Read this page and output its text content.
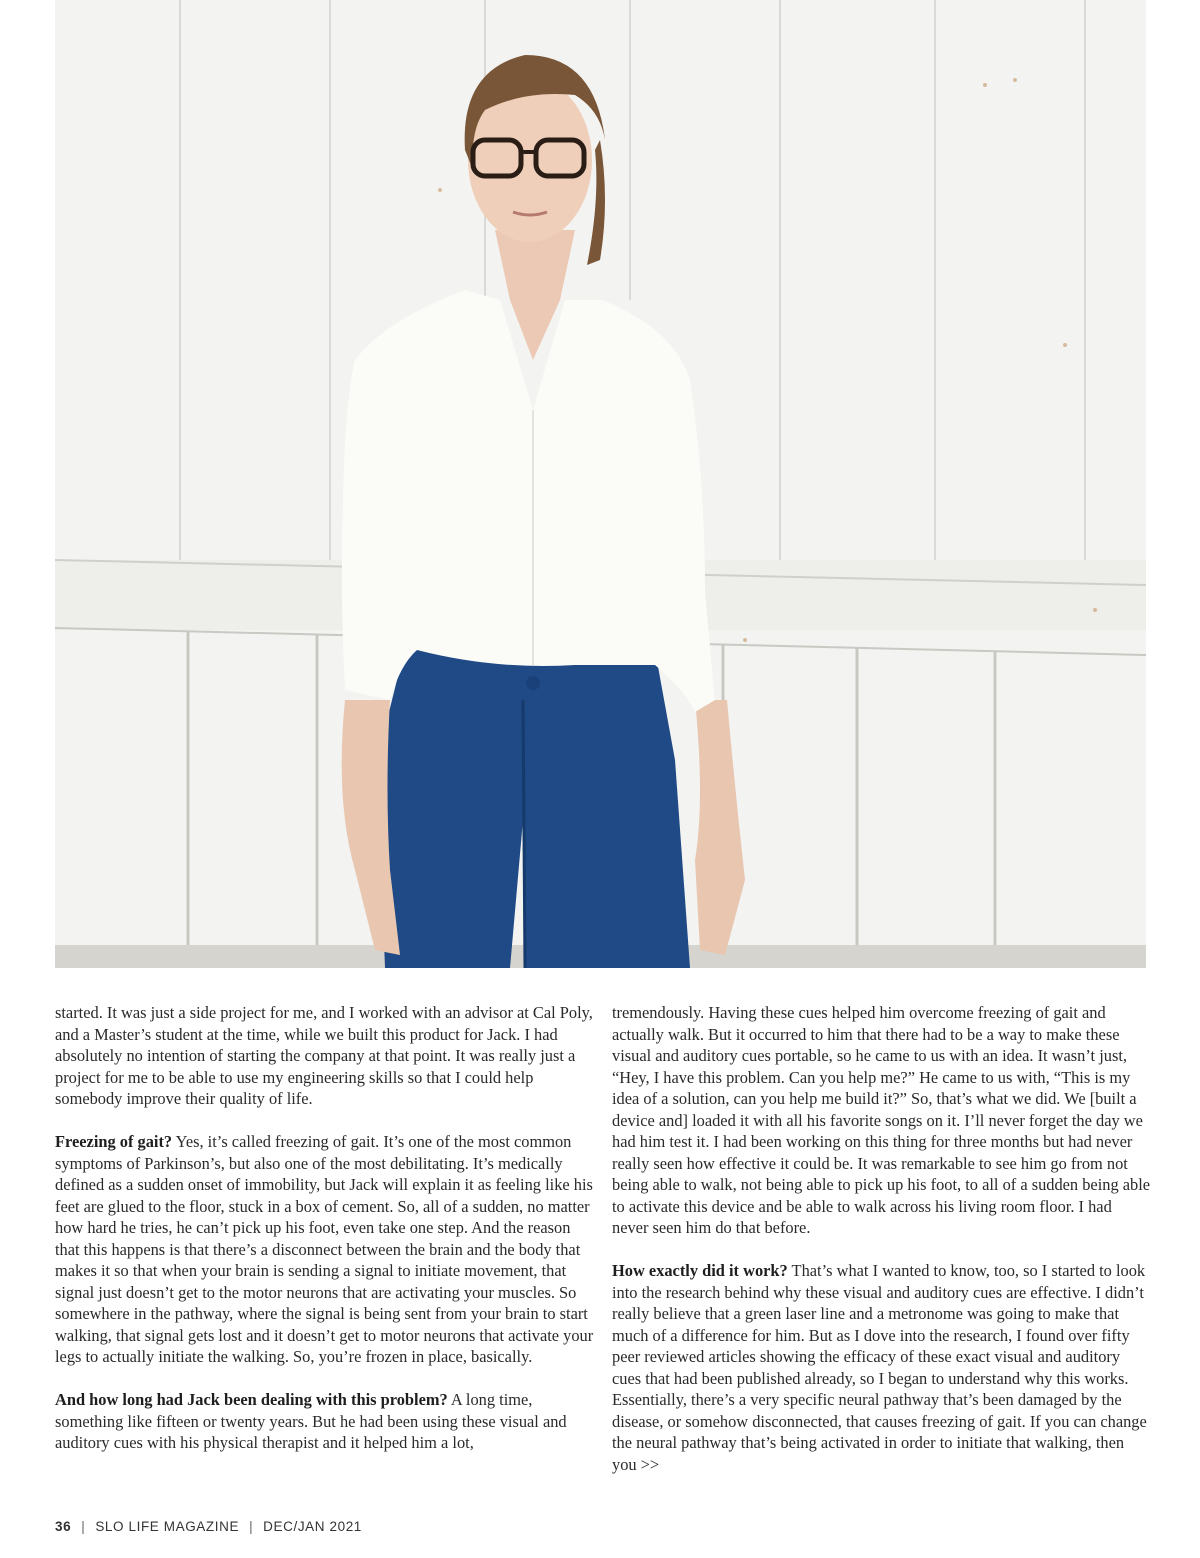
started. It was just a side project for me, and I worked with an advisor at Cal Poly, and a Master’s student at the time, while we built this product for Jack. I had absolutely no intention of starting the company at that point. It was really just a project for me to be able to use my engineering skills so that I could help somebody improve their quality of life.

Freezing of gait? Yes, it’s called freezing of gait. It’s one of the most common symptoms of Parkinson’s, but also one of the most debilitating. It’s medically defined as a sudden onset of immobility, but Jack will explain it as feeling like his feet are glued to the floor, stuck in a box of cement. So, all of a sudden, no matter how hard he tries, he can’t pick up his foot, even take one step. And the reason that this happens is that there’s a disconnect between the brain and the body that makes it so that when your brain is sending a signal to initiate movement, that signal just doesn’t get to the motor neurons that are activating your muscles. So somewhere in the pathway, where the signal is being sent from your brain to start walking, that signal gets lost and it doesn’t get to motor neurons that activate your legs to actually initiate the walking. So, you’re frozen in place, basically.

And how long had Jack been dealing with this problem? A long time, something like fifteen or twenty years. But he had been using these visual and auditory cues with his physical therapist and it helped him a lot,

tremendously. Having these cues helped him overcome freezing of gait and actually walk. But it occurred to him that there had to be a way to make these visual and auditory cues portable, so he came to us with an idea. It wasn’t just, “Hey, I have this problem. Can you help me?” He came to us with, “This is my idea of a solution, can you help me build it?” So, that’s what we did. We [built a device and] loaded it with all his favorite songs on it. I’ll never forget the day we had him test it. I had been working on this thing for three months but had never really seen how effective it could be. It was remarkable to see him go from not being able to walk, not being able to pick up his foot, to all of a sudden being able to activate this device and be able to walk across his living room floor. I had never seen him do that before.

How exactly did it work? That’s what I wanted to know, too, so I started to look into the research behind why these visual and auditory cues are effective. I didn’t really believe that a green laser line and a metronome was going to make that much of a difference for him. But as I dove into the research, I found over fifty peer reviewed articles showing the efficacy of these exact visual and auditory cues that had been published already, so I began to understand why this works. Essentially, there’s a very specific neural pathway that’s been damaged by the disease, or somehow disconnected, that causes freezing of gait. If you can change the neural pathway that’s being activated in order to initiate that walking, then you >>

36 | SLO LIFE MAGAZINE | DEC/JAN 2021
